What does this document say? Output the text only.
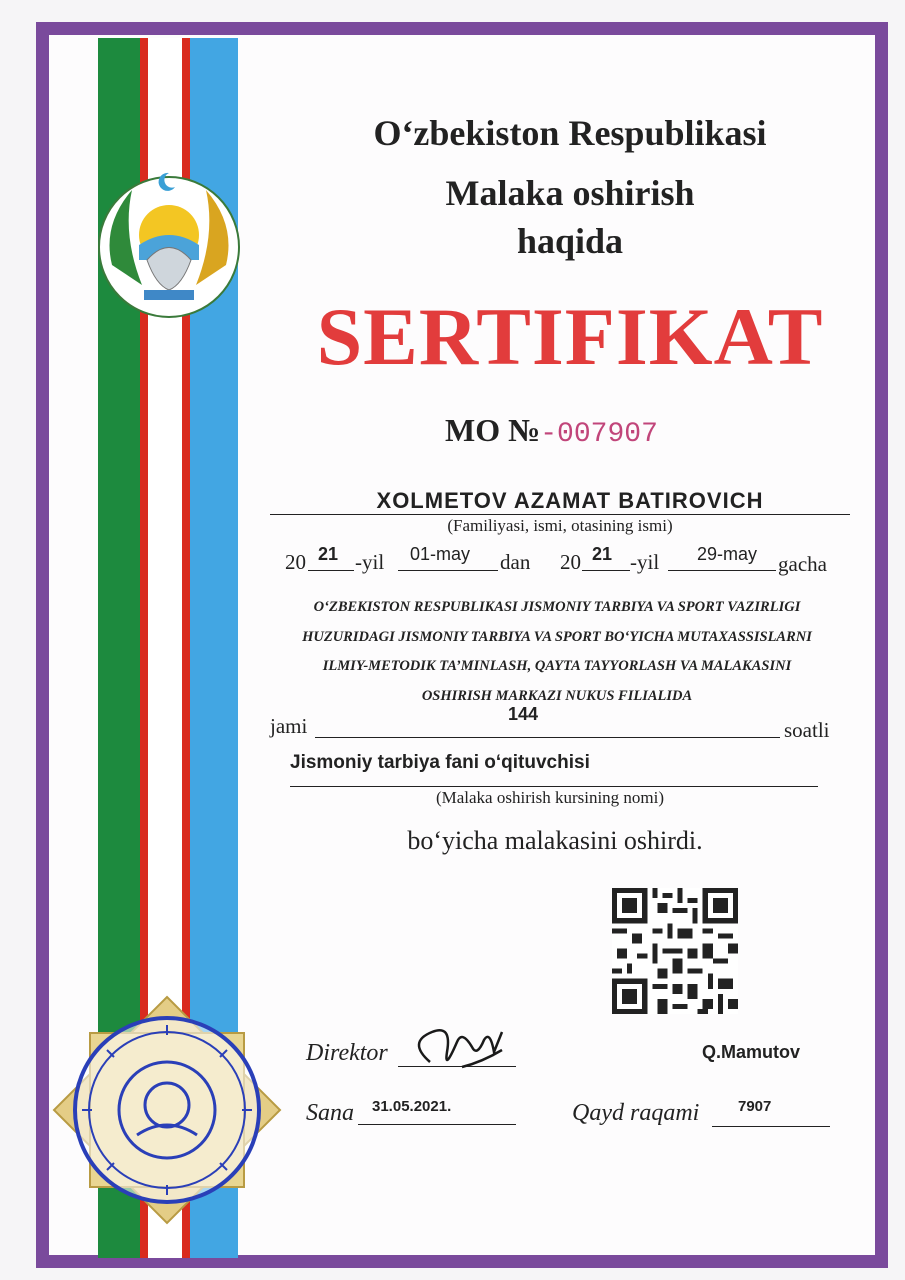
O‘zbekiston Respublikasi
Malaka oshirish
haqida
SERTIFIKAT
MO №-007907
XOLMETOV AZAMAT BATIROVICH
(Familiyasi, ismi, otasining ismi)
20 21 -yil 01-may dan 20 21 -yil 29-may gacha
O‘ZBEKISTON RESPUBLIKASI JISMONIY TARBIYA VA SPORT VAZIRLIGI
HUZURIDAGI JISMONIY TARBIYA VA SPORT BO‘YICHA MUTAXASSISLARNI
ILMIY-METODIK TA’MINLASH, QAYTA TAYYORLASH VA MALAKASINI
OSHIRISH MARKAZI NUKUS FILIALIDA
jami	144
soatli
Jismoniy tarbiya fani o‘qituvchisi
(Malaka oshirish kursining nomi)
bo‘yicha malakasini oshirdi.
Direktor	Q.Mamutov
Sana 31.05.2021.	Qayd raqami	7907
